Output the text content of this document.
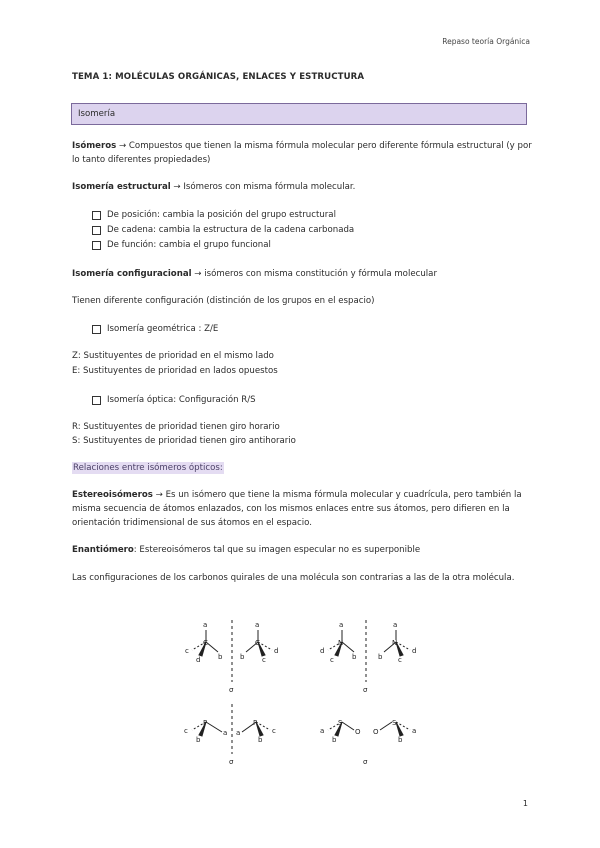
Repaso teoría Orgánica
TEMA 1: MOLÉCULAS ORGÁNICAS, ENLACES Y ESTRUCTURA
Isomería
Isómeros → Compuestos que tienen la misma fórmula molecular pero diferente fórmula estructural (y por lo tanto diferentes propiedades)
Isomería estructural → Isómeros con misma fórmula molecular.
De posición: cambia la posición del grupo estructural
De cadena: cambia la estructura de la cadena carbonada
De función: cambia el grupo funcional
Isomería configuracional → isómeros con misma constitución y fórmula molecular
Tienen diferente configuración (distinción de los grupos en el espacio)
Isomería geométrica : Z/E
Z: Sustituyentes de prioridad en el mismo lado
E: Sustituyentes de prioridad en lados opuestos
Isomería óptica: Configuración R/S
R: Sustituyentes de prioridad tienen giro horario
S: Sustituyentes de prioridad tienen giro antihorario
Relaciones entre isómeros ópticos:
Estereoisómeros → Es un isómero que tiene la misma fórmula molecular y cuadrícula, pero también la misma secuencia de átomos enlazados, con los mismos enlaces entre sus átomos, pero difieren en la orientación tridimensional de sus átomos en el espacio.
Enantiómero: Estereoisómeros tal que su imagen especular no es superponible
Las configuraciones de los carbonos quirales de una molécula son contrarias a las de la otra molécula.
a
C
c
d	b
a
C
b	c
d
σ
a
N
d
c	b
a
N
b c
d
σ
P
c
b
a a
P
b
c
σ
S
a
b
O O
S
b
a
σ
1
